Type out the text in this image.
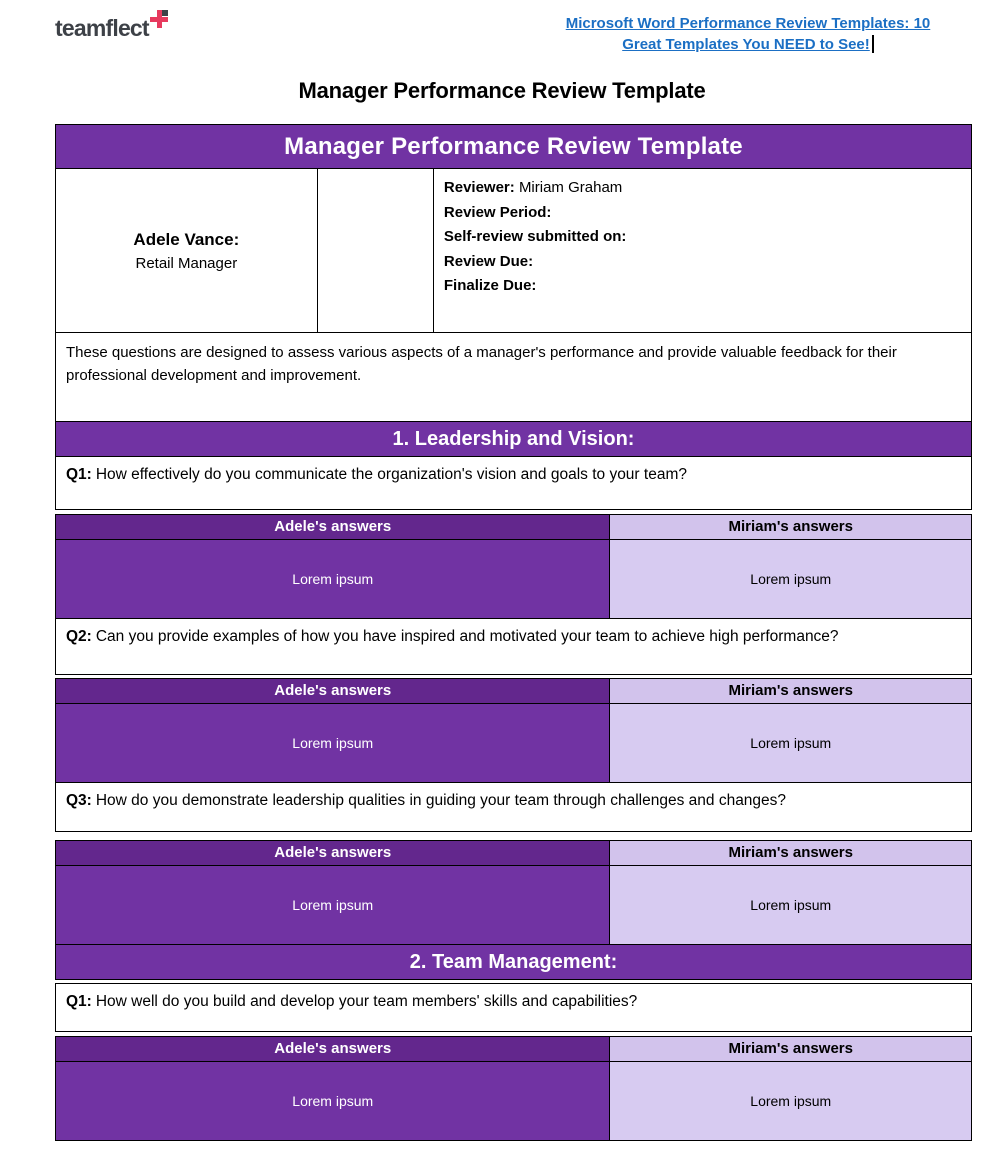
teamflect	Microsoft Word Performance Review Templates: 10
Great Templates You NEED to See!
Manager Performance Review Template
Manager Performance Review Template
Adele Vance:
Retail Manager
Reviewer: Miriam Graham
Review Period:
Self-review submitted on:
Review Due:
Finalize Due:
These questions are designed to assess various aspects of a manager's performance and provide valuable feedback for their professional development and improvement.
1. Leadership and Vision:
Q1: How effectively do you communicate the organization's vision and goals to your team?
Adele's answers	Miriam's answers
Lorem ipsum	Lorem ipsum
Q2: Can you provide examples of how you have inspired and motivated your team to achieve high performance?
Adele's answers	Miriam's answers
Lorem ipsum	Lorem ipsum
Q3: How do you demonstrate leadership qualities in guiding your team through challenges and changes?
Adele's answers	Miriam's answers
Lorem ipsum	Lorem ipsum
2. Team Management:
Q1: How well do you build and develop your team members' skills and capabilities?
Adele's answers	Miriam's answers
Lorem ipsum	Lorem ipsum
